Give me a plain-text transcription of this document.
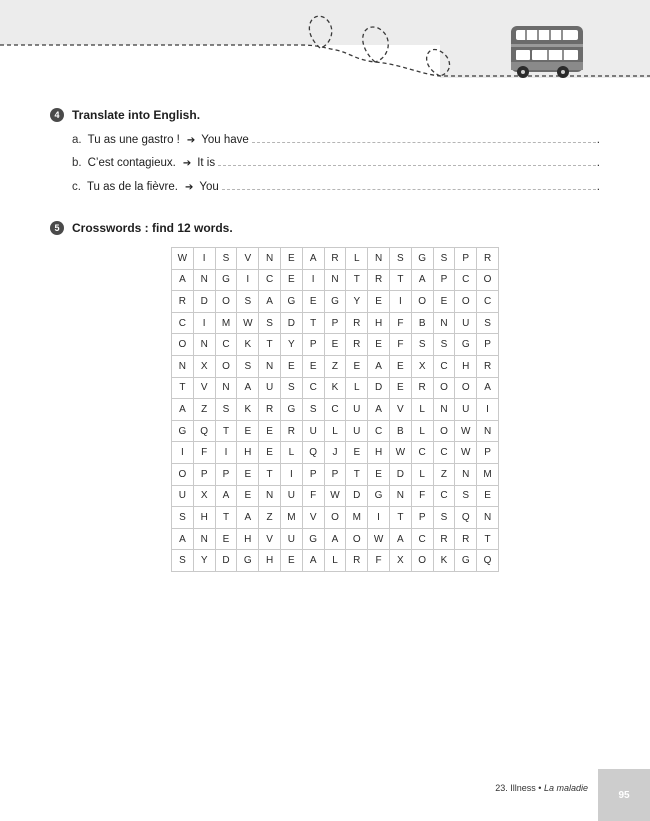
4	Translate into English.
a. Tu as une gastro ! ➔ You have	.
b. C’est contagieux. ➔ It is	.
c. Tu as de la fièvre. ➔ You	.
5	Crosswords : find 12 words.
W	I	S	V	N	E	A	R	L	N	S	G	S	P	R
A	N	G	I	C	E	I	N	T	R	T	A	P	C	O
R	D	O	S	A	G	E	G	Y	E	I	O	E	O	C
C	I	M	W	S	D	T	P	R	H	F	B	N	U	S
O	N	C	K	T	Y	P	E	R	E	F	S	S	G	P
N	X	O	S	N	E	E	Z	E	A	E	X	C	H	R
T	V	N	A	U	S	C	K	L	D	E	R	O	O	A
A	Z	S	K	R	G	S	C	U	A	V	L	N	U	I
G	Q	T	E	E	R	U	L	U	C	B	L	O	W	N
I	F	I	H	E	L	Q	J	E	H	W	C	C	W	P
O	P	P	E	T	I	P	P	T	E	D	L	Z	N	M
U	X	A	E	N	U	F	W	D	G	N	F	C	S	E
S	H	T	A	Z	M	V	O	M	I	T	P	S	Q	N
A	N	E	H	V	U	G	A	O	W	A	C	R	R	T
S	Y	D	G	H	E	A	L	R	F	X	O	K	G	Q
23. Illness • La maladie
95
